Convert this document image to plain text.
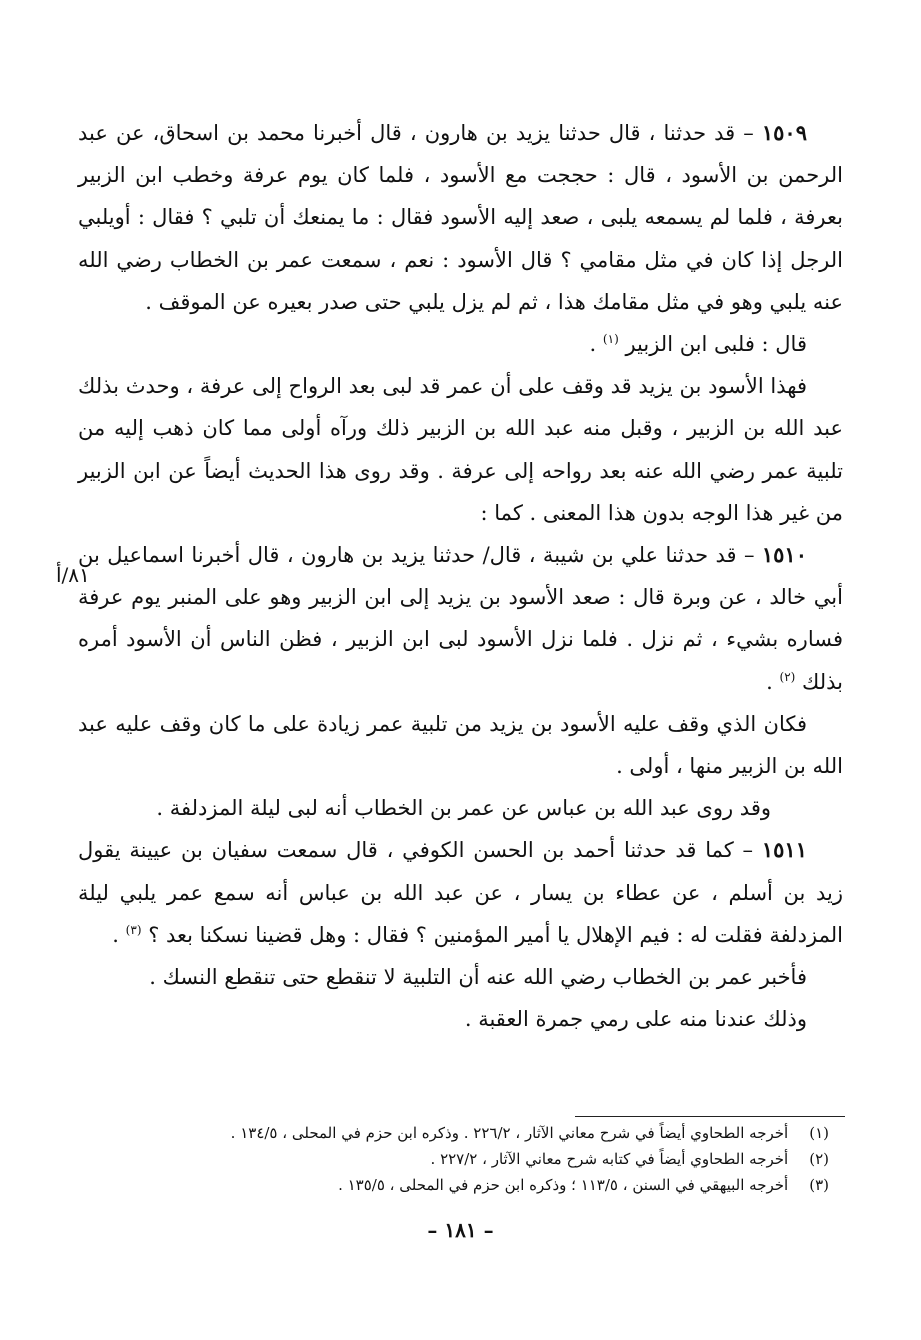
٨١/أ

١٥٠٩ – قد حدثنا ، قال حدثنا يزيد بن هارون ، قال أخبرنا محمد بن اسحاق، عن عبد الرحمن بن الأسود ، قال : حججت مع الأسود ، فلما كان يوم عرفة وخطب ابن الزبير بعرفة ، فلما لم يسمعه يلبى ، صعد إليه الأسود فقال : ما يمنعك أن تلبي ؟ فقال : أويلبي الرجل إذا كان في مثل مقامي ؟ قال الأسود : نعم ، سمعت عمر بن الخطاب رضي الله عنه يلبي وهو في مثل مقامك هذا ، ثم لم يزل يلبي حتى صدر بعيره عن الموقف .

قال : فلبى ابن الزبير $^{(١)}$ .

فهذا الأسود بن يزيد قد وقف على أن عمر قد لبى بعد الرواح إلى عرفة ، وحدث بذلك عبد الله بن الزبير ، وقبل منه عبد الله بن الزبير ذلك ورآه أولى مما كان ذهب إليه من تلبية عمر رضي الله عنه بعد رواحه إلى عرفة . وقد روى هذا الحديث أيضاً عن ابن الزبير من غير هذا الوجه بدون هذا المعنى . كما :

١٥١٠ – قد حدثنا علي بن شيبة ، قال/ حدثنا يزيد بن هارون ، قال أخبرنا اسماعيل بن أبي خالد ، عن وبرة قال : صعد الأسود بن يزيد إلى ابن الزبير وهو على المنبر يوم عرفة فساره بشيء ، ثم نزل . فلما نزل الأسود لبى ابن الزبير ، فظن الناس أن الأسود أمره بذلك $^{(٢)}$ .

فكان الذي وقف عليه الأسود بن يزيد من تلبية عمر زيادة على ما كان وقف عليه عبد الله بن الزبير منها ، أولى .

وقد روى عبد الله بن عباس عن عمر بن الخطاب أنه لبى ليلة المزدلفة .

١٥١١ – كما قد حدثنا أحمد بن الحسن الكوفي ، قال سمعت سفيان بن عيينة يقول زيد بن أسلم ، عن عطاء بن يسار ، عن عبد الله بن عباس أنه سمع عمر يلبي ليلة المزدلفة فقلت له : فيم الإهلال يا أمير المؤمنين ؟ فقال : وهل قضينا نسكنا بعد ؟ $^{(٣)}$ .

فأخبر عمر بن الخطاب رضي الله عنه أن التلبية لا تنقطع حتى تنقطع النسك .

وذلك عندنا منه على رمي جمرة العقبة .

(١) أخرجه الطحاوي أيضاً في شرح معاني الآثار ، ٢٢٦/٢ . وذكره ابن حزم في المحلى ، ١٣٤/٥ .

(٢) أخرجه الطحاوي أيضاً في كتابه شرح معاني الآثار ، ٢٢٧/٢ .

(٣) أخرجه البيهقي في السنن ، ١١٣/٥ ؛ وذكره ابن حزم في المحلى ، ١٣٥/٥ .

– ١٨١ –
